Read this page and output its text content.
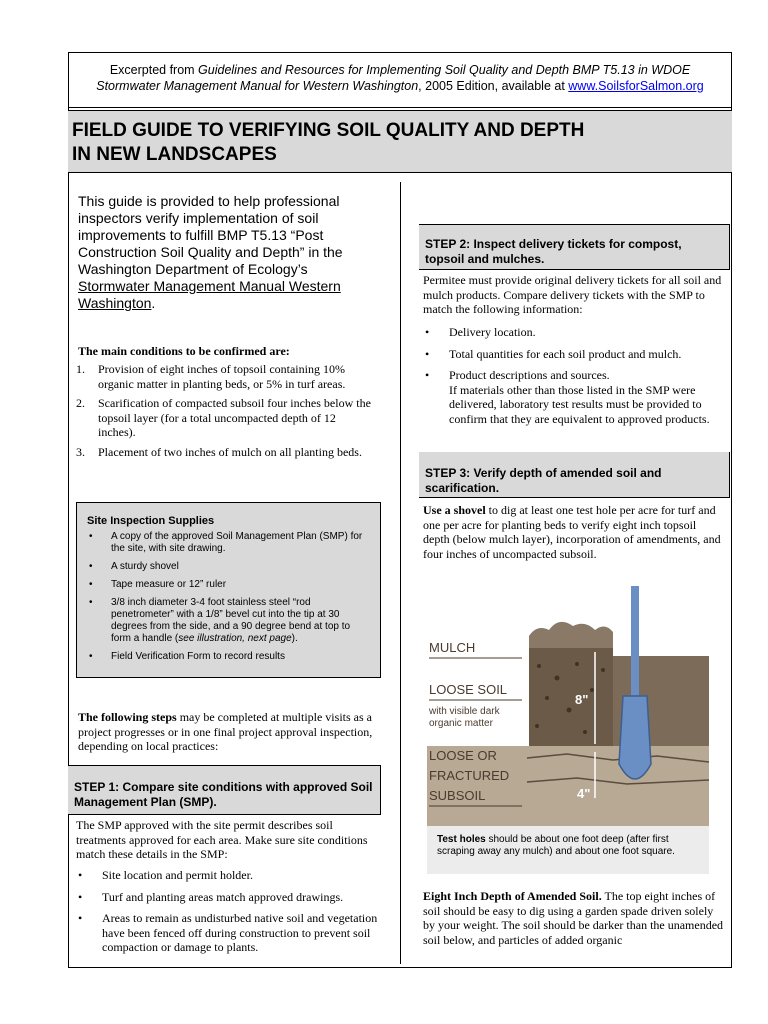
Excerpted from Guidelines and Resources for Implementing Soil Quality and Depth BMP T5.13 in WDOE
Stormwater Management Manual for Western Washington, 2005 Edition, available at www.SoilsforSalmon.org
FIELD GUIDE TO VERIFYING SOIL QUALITY AND DEPTH
IN NEW LANDSCAPES
This guide is provided to help professional inspectors verify implementation of soil improvements to fulfill BMP T5.13 “Post Construction Soil Quality and Depth” in the Washington Department of Ecology’s Stormwater Management Manual Western Washington.
The main conditions to be confirmed are:
1. Provision of eight inches of topsoil containing 10% organic matter in planting beds, or 5% in turf areas.
2. Scarification of compacted subsoil four inches below the topsoil layer (for a total uncompacted depth of 12 inches).
3. Placement of two inches of mulch on all planting beds.
Site Inspection Supplies
• A copy of the approved Soil Management Plan (SMP) for the site, with site drawing.
• A sturdy shovel
• Tape measure or 12” ruler
• 3/8 inch diameter 3-4 foot stainless steel “rod penetrometer” with a 1/8” bevel cut into the tip at 30 degrees from the side, and a 90 degree bend at top to form a handle (see illustration, next page).
• Field Verification Form to record results
The following steps may be completed at multiple visits as a project progresses or in one final project approval inspection, depending on local practices:
STEP 1: Compare site conditions with approved Soil Management Plan (SMP).
The SMP approved with the site permit describes soil treatments approved for each area. Make sure site conditions match these details in the SMP:
• Site location and permit holder.
• Turf and planting areas match approved drawings.
• Areas to remain as undisturbed native soil and vegetation have been fenced off during construction to prevent soil compaction or damage to plants.
STEP 2: Inspect delivery tickets for compost, topsoil and mulches.
Permitee must provide original delivery tickets for all soil and mulch products. Compare delivery tickets with the SMP to match the following information:
• Delivery location.
• Total quantities for each soil product and mulch.
• Product descriptions and sources.
If materials other than those listed in the SMP were delivered, laboratory test results must be provided to confirm that they are equivalent to approved products.
STEP 3: Verify depth of amended soil and scarification.
Use a shovel to dig at least one test hole per acre for turf and one per acre for planting beds to verify eight inch topsoil depth (below mulch layer), incorporation of amendments, and four inches of uncompacted subsoil.
8"
4"
MULCH
LOOSE SOIL
with visible dark
organic matter
LOOSE OR
FRACTURED
SUBSOIL
Test holes should be about one foot deep (after first scraping away any mulch) and about one foot square.
Eight Inch Depth of Amended Soil. The top eight inches of soil should be easy to dig using a garden spade driven solely by your weight. The soil should be darker than the unamended soil below, and particles of added organic
